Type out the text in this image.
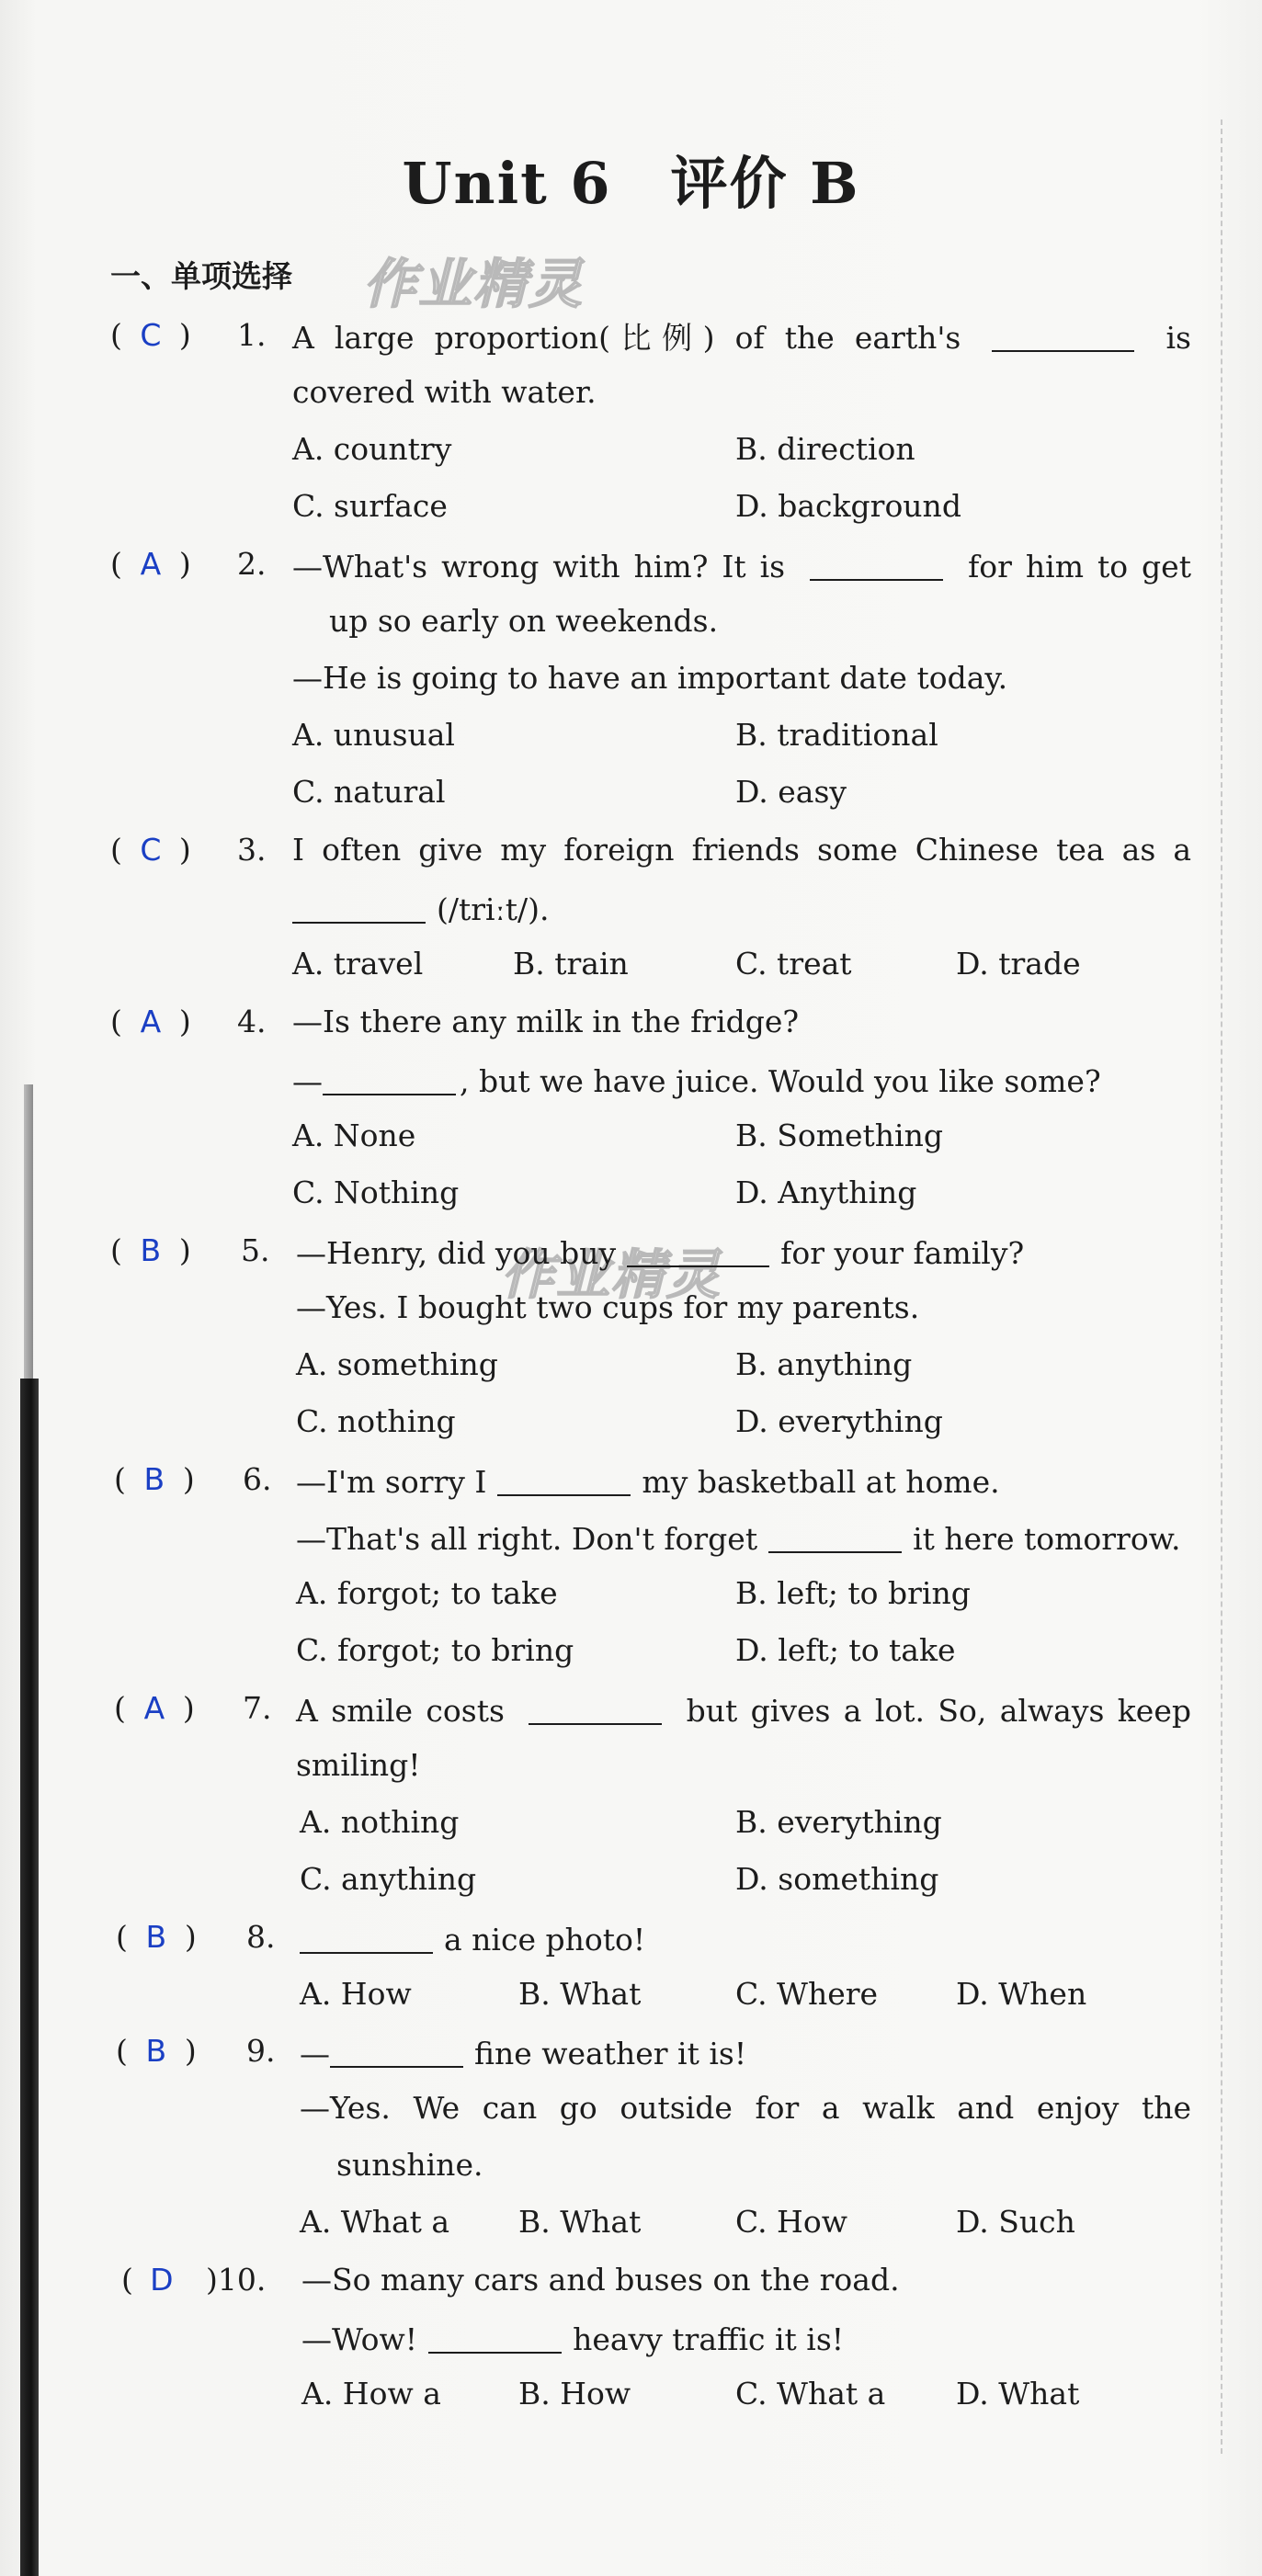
Unit 6　评价 B
一、单项选择 作业精灵
作业精灵
( C ) 1. A large proportion(比例) of the earth's	is
covered with water.
A. country	B. direction
C. surface	D. background
( A ) 2. —What's wrong with him? It is	for him to get
up so early on weekends.
—He is going to have an important date today.
A. unusual	B. traditional
C. natural	D. easy
( C ) 3. I often give my foreign friends some Chinese tea as a
(/triːt/).
A. travel	B. train	C. treat	D. trade
( A ) 4. —Is there any milk in the fridge?
—	, but we have juice. Would you like some?
A. None	B. Something
C. Nothing	D. Anything
( B ) 5. —Henry, did you buy	for your family?
—Yes. I bought two cups for my parents.
A. something	B. anything
C. nothing	D. everything
( B ) 6. —I'm sorry I	my basketball at home.
—That's all right. Don't forget	it here tomorrow.
A. forgot; to take	B. left; to bring
C. forgot; to bring	D. left; to take
( A ) 7. A smile costs	but gives a lot. So, always keep
smiling!
A. nothing	B. everything
C. anything	D. something
( B ) 8.	a nice photo!
A. How	B. What	C. Where	D. When
( B ) 9. —	fine weather it is!
—Yes. We can go outside for a walk and enjoy the
sunshine.
A. What a B. What	C. How	D. Such
( D	)10. —So many cars and buses on the road.
—Wow!	heavy traffic it is!
A. How a	B. How	C. What a D. What
